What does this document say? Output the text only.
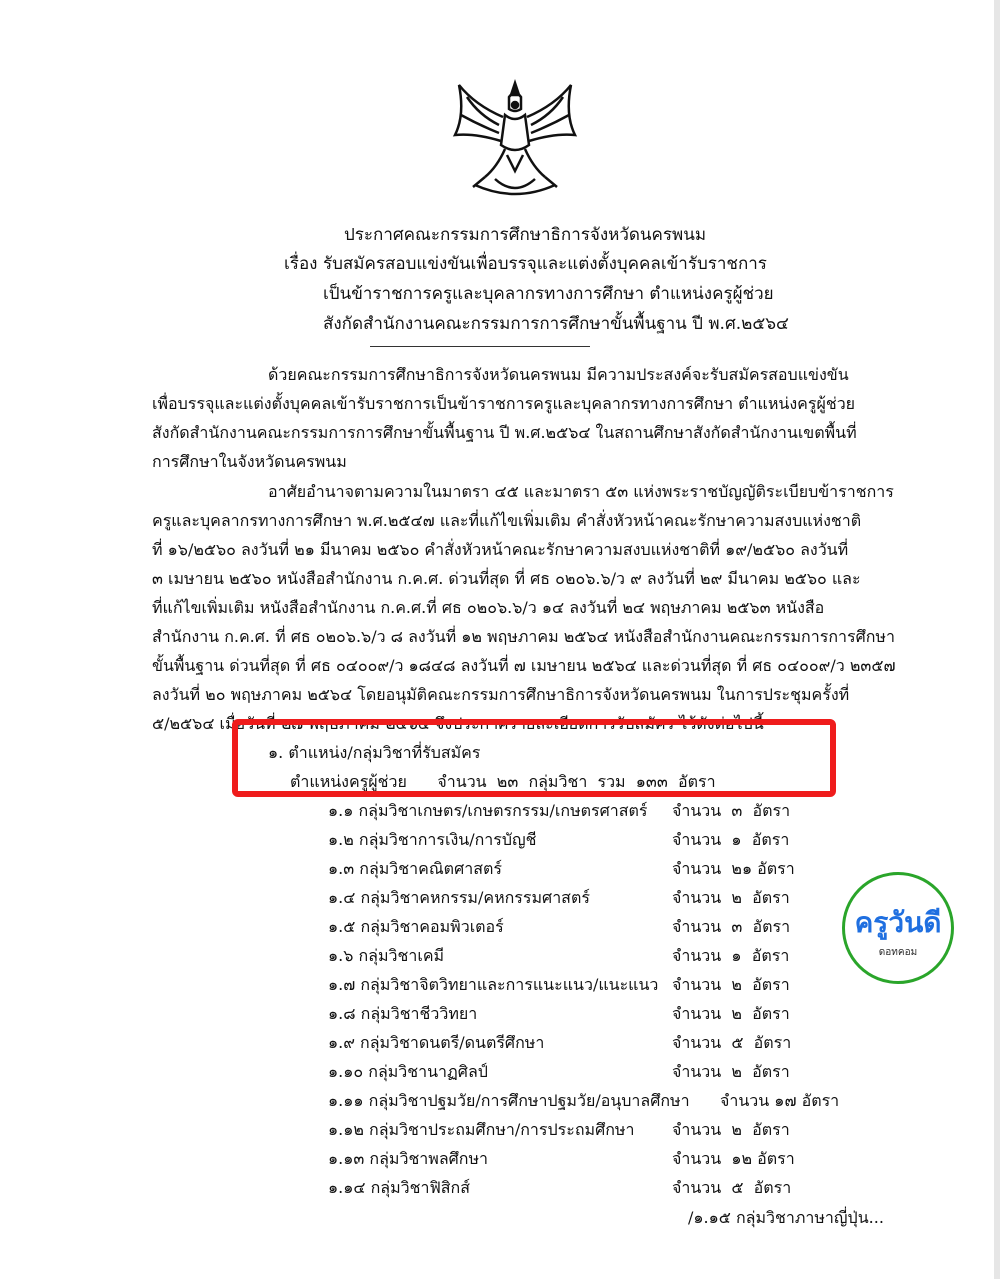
ประกาศคณะกรรมการศึกษาธิการจังหวัดนครพนม
เรื่อง รับสมัครสอบแข่งขันเพื่อบรรจุและแต่งตั้งบุคคลเข้ารับราชการ
เป็นข้าราชการครูและบุคลากรทางการศึกษา ตำแหน่งครูผู้ช่วย
สังกัดสำนักงานคณะกรรมการการศึกษาขั้นพื้นฐาน ปี พ.ศ.๒๕๖๔
ด้วยคณะกรรมการศึกษาธิการจังหวัดนครพนม มีความประสงค์จะรับสมัครสอบแข่งขัน
เพื่อบรรจุและแต่งตั้งบุคคลเข้ารับราชการเป็นข้าราชการครูและบุคลากรทางการศึกษา ตำแหน่งครูผู้ช่วย
สังกัดสำนักงานคณะกรรมการการศึกษาขั้นพื้นฐาน ปี พ.ศ.๒๕๖๔ ในสถานศึกษาสังกัดสำนักงานเขตพื้นที่
การศึกษาในจังหวัดนครพนม
อาศัยอำนาจตามความในมาตรา ๔๕ และมาตรา ๕๓ แห่งพระราชบัญญัติระเบียบข้าราชการ
ครูและบุคลากรทางการศึกษา พ.ศ.๒๕๔๗ และที่แก้ไขเพิ่มเติม คำสั่งหัวหน้าคณะรักษาความสงบแห่งชาติ
ที่ ๑๖/๒๕๖๐ ลงวันที่ ๒๑ มีนาคม ๒๕๖๐ คำสั่งหัวหน้าคณะรักษาความสงบแห่งชาติที่ ๑๙/๒๕๖๐ ลงวันที่
๓ เมษายน ๒๕๖๐ หนังสือสำนักงาน ก.ค.ศ. ด่วนที่สุด ที่ ศธ ๐๒๐๖.๖/ว ๙ ลงวันที่ ๒๙ มีนาคม ๒๕๖๐ และ
ที่แก้ไขเพิ่มเติม หนังสือสำนักงาน ก.ค.ศ.ที่ ศธ ๐๒๐๖.๖/ว ๑๔ ลงวันที่ ๒๔ พฤษภาคม ๒๕๖๓ หนังสือ
สำนักงาน ก.ค.ศ. ที่ ศธ ๐๒๐๖.๖/ว ๘ ลงวันที่ ๑๒ พฤษภาคม ๒๕๖๔ หนังสือสำนักงานคณะกรรมการการศึกษา
ขั้นพื้นฐาน ด่วนที่สุด ที่ ศธ ๐๔๐๐๙/ว ๑๘๔๘ ลงวันที่ ๗ เมษายน ๒๕๖๔ และด่วนที่สุด ที่ ศธ ๐๔๐๐๙/ว ๒๓๕๗
ลงวันที่ ๒๐ พฤษภาคม ๒๕๖๔ โดยอนุมัติคณะกรรมการศึกษาธิการจังหวัดนครพนม ในการประชุมครั้งที่
๕/๒๕๖๔ เมื่อวันที่ ๒๗ พฤษภาคม ๒๕๖๔ จึงประกาศรายละเอียดการรับสมัคร ไว้ดังต่อไปนี้
๑. ตำแหน่ง/กลุ่มวิชาที่รับสมัคร
ตำแหน่งครูผู้ช่วย      จำนวน  ๒๓  กลุ่มวิชา  รวม  ๑๓๓  อัตรา
๑.๑ กลุ่มวิชาเกษตร/เกษตรกรรม/เกษตรศาสตร์ จำนวน  ๓  อัตรา
๑.๒ กลุ่มวิชาการเงิน/การบัญชี	จำนวน  ๑  อัตรา
๑.๓ กลุ่มวิชาคณิตศาสตร์	จำนวน  ๒๑ อัตรา
๑.๔ กลุ่มวิชาคหกรรม/คหกรรมศาสตร์	จำนวน  ๒  อัตรา
๑.๕ กลุ่มวิชาคอมพิวเตอร์	จำนวน  ๓  อัตรา
๑.๖ กลุ่มวิชาเคมี	จำนวน  ๑  อัตรา
๑.๗ กลุ่มวิชาจิตวิทยาและการแนะแนว/แนะแนว จำนวน  ๒  อัตรา
๑.๘ กลุ่มวิชาชีววิทยา	จำนวน  ๒  อัตรา
๑.๙ กลุ่มวิชาดนตรี/ดนตรีศึกษา	จำนวน  ๕  อัตรา
๑.๑๐ กลุ่มวิชานาฏศิลป์	จำนวน  ๒  อัตรา
๑.๑๑ กลุ่มวิชาปฐมวัย/การศึกษาปฐมวัย/อนุบาลศึกษา จำนวน ๑๗ อัตรา
๑.๑๒ กลุ่มวิชาประถมศึกษา/การประถมศึกษา จำนวน  ๒  อัตรา
๑.๑๓ กลุ่มวิชาพลศึกษา	จำนวน  ๑๒ อัตรา
๑.๑๔ กลุ่มวิชาฟิสิกส์	จำนวน  ๕  อัตรา
/๑.๑๕ กลุ่มวิชาภาษาญี่ปุ่น...
ครูวันดี
ดอทคอม
